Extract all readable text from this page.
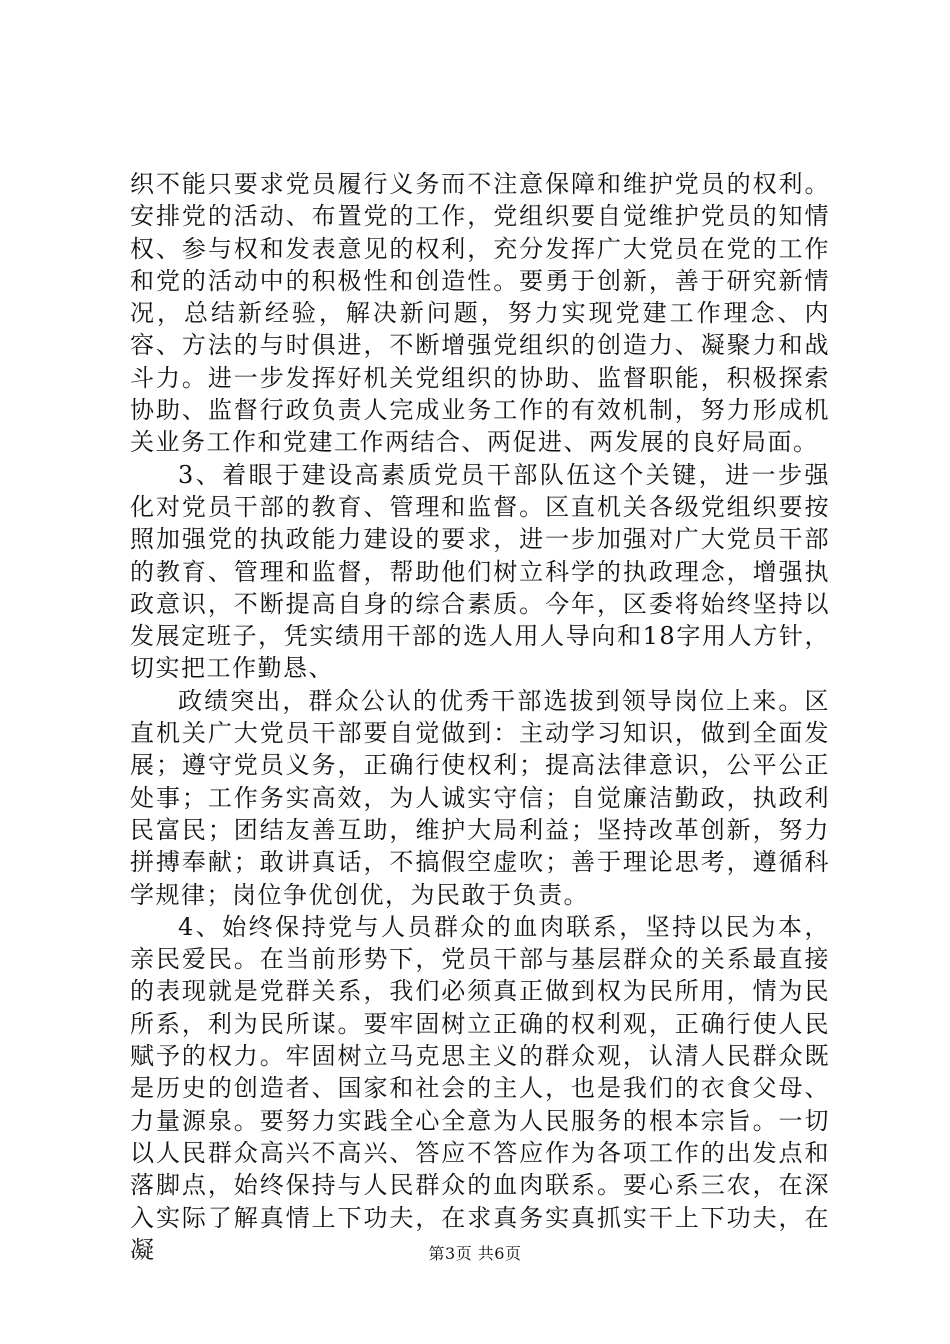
织不能只要求党员履行义务而不注意保障和维护党员的权利。安排党的活动、布置党的工作，党组织要自觉维护党员的知情权、参与权和发表意见的权利，充分发挥广大党员在党的工作和党的活动中的积极性和创造性。要勇于创新，善于研究新情况，总结新经验，解决新问题，努力实现党建工作理念、内容、方法的与时俱进，不断增强党组织的创造力、凝聚力和战斗力。进一步发挥好机关党组织的协助、监督职能，积极探索协助、监督行政负责人完成业务工作的有效机制，努力形成机关业务工作和党建工作两结合、两促进、两发展的良好局面。

3、着眼于建设高素质党员干部队伍这个关键，进一步强化对党员干部的教育、管理和监督。区直机关各级党组织要按照加强党的执政能力建设的要求，进一步加强对广大党员干部的教育、管理和监督，帮助他们树立科学的执政理念，增强执政意识，不断提高自身的综合素质。今年，区委将始终坚持以发展定班子，凭实绩用干部的选人用人导向和18字用人方针，切实把工作勤恳、

政绩突出，群众公认的优秀干部选拔到领导岗位上来。区直机关广大党员干部要自觉做到：主动学习知识，做到全面发展；遵守党员义务，正确行使权利；提高法律意识，公平公正处事；工作务实高效，为人诚实守信；自觉廉洁勤政，执政利民富民；团结友善互助，维护大局利益；坚持改革创新，努力拼搏奉献；敢讲真话，不搞假空虚吹；善于理论思考，遵循科学规律；岗位争优创优，为民敢于负责。

4、始终保持党与人员群众的血肉联系，坚持以民为本，亲民爱民。在当前形势下，党员干部与基层群众的关系最直接的表现就是党群关系，我们必须真正做到权为民所用，情为民所系，利为民所谋。要牢固树立正确的权利观，正确行使人民赋予的权力。牢固树立马克思主义的群众观，认清人民群众既是历史的创造者、国家和社会的主人，也是我们的衣食父母、力量源泉。要努力实践全心全意为人民服务的根本宗旨。一切以人民群众高兴不高兴、答应不答应作为各项工作的出发点和落脚点，始终保持与人民群众的血肉联系。要心系三农，在深入实际了解真情上下功夫，在求真务实真抓实干上下功夫，在凝	第3页 共6页
